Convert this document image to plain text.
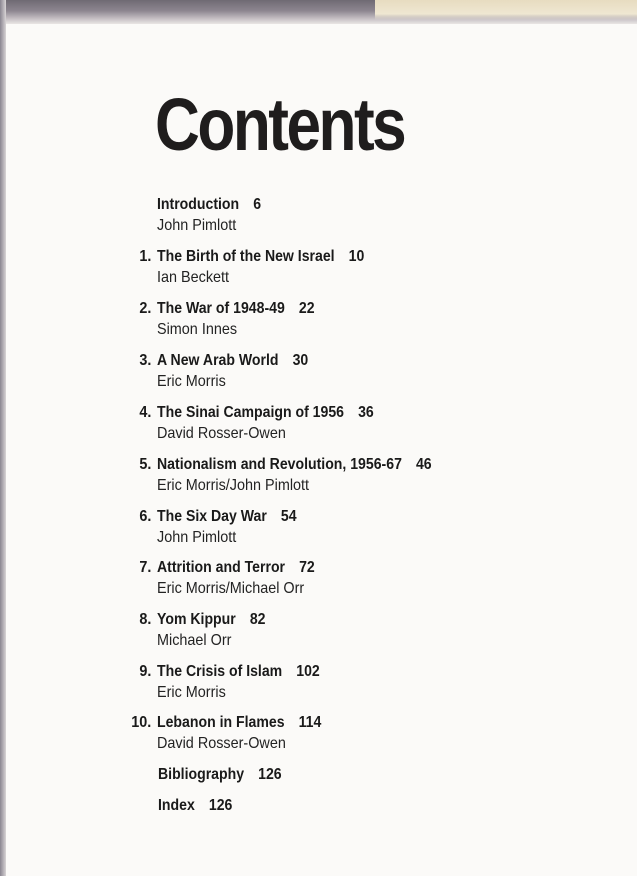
Contents
Introduction 6
John Pimlott
1. The Birth of the New Israel 10
Ian Beckett
2. The War of 1948-49 22
Simon Innes
3. A New Arab World 30
Eric Morris
4. The Sinai Campaign of 1956 36
David Rosser-Owen
5. Nationalism and Revolution, 1956-67 46
Eric Morris/John Pimlott
6. The Six Day War 54
John Pimlott
7. Attrition and Terror 72
Eric Morris/Michael Orr
8. Yom Kippur 82
Michael Orr
9. The Crisis of Islam 102
Eric Morris
10. Lebanon in Flames 114
David Rosser-Owen
Bibliography 126
Index 126
